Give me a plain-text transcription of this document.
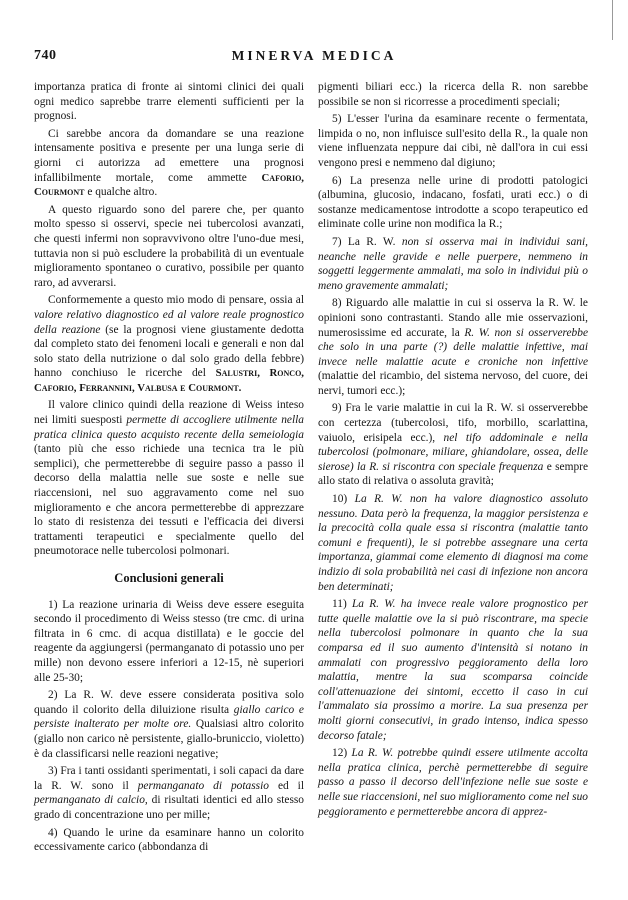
740	MINERVA MEDICA

importanza pratica di fronte ai sintomi clinici dei quali ogni medico saprebbe trarre elementi sufficienti per la prognosi.

Ci sarebbe ancora da domandare se una reazione intensamente positiva e presente per una lunga serie di giorni ci autorizza ad emettere una prognosi infallibilmente mortale, come ammette Caforio, Courmont e qualche altro.

A questo riguardo sono del parere che, per quanto molto spesso si osservi, specie nei tubercolosi avanzati, che questi infermi non sopravvivono oltre l'uno-due mesi, tuttavia non si può escludere la probabilità di un eventuale miglioramento spontaneo o curativo, possibile per quanto raro, ad avverarsi.

Conformemente a questo mio modo di pensare, ossia al valore relativo diagnostico ed al valore reale prognostico della reazione (se la prognosi viene giustamente dedotta dal completo stato dei fenomeni locali e generali e non dal solo stato della nutrizione o dal solo grado della febbre) hanno conchiuso le ricerche del Salustri, Ronco, Caforio, Ferrannini, Valbusa e Courmont.

Il valore clinico quindi della reazione di Weiss inteso nei limiti suesposti permette di accogliere utilmente nella pratica clinica questo acquisto recente della semeiologia (tanto più che esso richiede una tecnica tra le più semplici), che permetterebbe di seguire passo a passo il decorso della malattia nelle sue soste e nelle sue riaccensioni, nel suo aggravamento come nel suo miglioramento e che ancora permetterebbe di apprezzare lo stato di resistenza dei tessuti e l'efficacia dei diversi trattamenti terapeutici e specialmente quello del pneumotorace nelle tubercolosi polmonari.

Conclusioni generali

1) La reazione urinaria di Weiss deve essere eseguita secondo il procedimento di Weiss stesso (tre cmc. di urina filtrata in 6 cmc. di acqua distillata) e le goccie del reagente da aggiungersi (permanganato di potassio uno per mille) non devono essere inferiori a 12-15, nè superiori alle 25-30;

2) La R. W. deve essere considerata positiva solo quando il colorito della diluizione risulta giallo carico e persiste inalterato per molte ore. Qualsiasi altro colorito (giallo non carico nè persistente, giallo-bruniccio, violetto) è da classificarsi nelle reazioni negative;

3) Fra i tanti ossidanti sperimentati, i soli capaci da dare la R. W. sono il permanganato di potassio ed il permanganato di calcio, di risultati identici ed allo stesso grado di concentrazione uno per mille;

4) Quando le urine da esaminare hanno un colorito eccessivamente carico (abbondanza di

pigmenti biliari ecc.) la ricerca della R. non sarebbe possibile se non si ricorresse a procedimenti speciali;

5) L'esser l'urina da esaminare recente o fermentata, limpida o no, non influisce sull'esito della R., la quale non viene influenzata neppure dai cibi, nè dall'ora in cui essi vengono presi e nemmeno dal digiuno;

6) La presenza nelle urine di prodotti patologici (albumina, glucosio, indacano, fosfati, urati ecc.) o di sostanze medicamentose introdotte a scopo terapeutico ed eliminate colle urine non modifica la R.;

7) La R. W. non si osserva mai in individui sani, neanche nelle gravide e nelle puerpere, nemmeno in soggetti leggermente ammalati, ma solo in individui più o meno gravemente ammalati;

8) Riguardo alle malattie in cui si osserva la R. W. le opinioni sono contrastanti. Stando alle mie osservazioni, numerosissime ed accurate, la R. W. non si osserverebbe che solo in una parte (?) delle malattie infettive, mai invece nelle malattie acute e croniche non infettive (malattie del ricambio, del sistema nervoso, del cuore, dei nervi, tumori ecc.);

9) Fra le varie malattie in cui la R. W. si osserverebbe con certezza (tubercolosi, tifo, morbillo, scarlattina, vaiuolo, erisipela ecc.), nel tifo addominale e nella tubercolosi (polmonare, miliare, ghiandolare, ossea, delle sierose) la R. si riscontra con speciale frequenza e sempre allo stato di relativa o assoluta gravità;

10) La R. W. non ha valore diagnostico assoluto nessuno. Data però la frequenza, la maggior persistenza e la precocità colla quale essa si riscontra (malattie tanto comuni e frequenti), le si potrebbe assegnare una certa importanza, giammai come elemento di diagnosi ma come indizio di sola probabilità nei casi di infezione non ancora ben determinati;

11) La R. W. ha invece reale valore prognostico per tutte quelle malattie ove la si può riscontrare, ma specie nella tubercolosi polmonare in quanto che la sua comparsa ed il suo aumento d'intensità si notano in ammalati con progressivo peggioramento della loro malattia, mentre la sua scomparsa coincide coll'attenuazione dei sintomi, eccetto il caso in cui l'ammalato sia prossimo a morire. La sua presenza per molti giorni consecutivi, in grado intenso, indica spesso decorso fatale;

12) La R. W. potrebbe quindi essere utilmente accolta nella pratica clinica, perchè permetterebbe di seguire passo a passo il decorso dell'infezione nelle sue soste e nelle sue riaccensioni, nel suo miglioramento come nel suo peggioramento e permetterebbe ancora di apprez-
